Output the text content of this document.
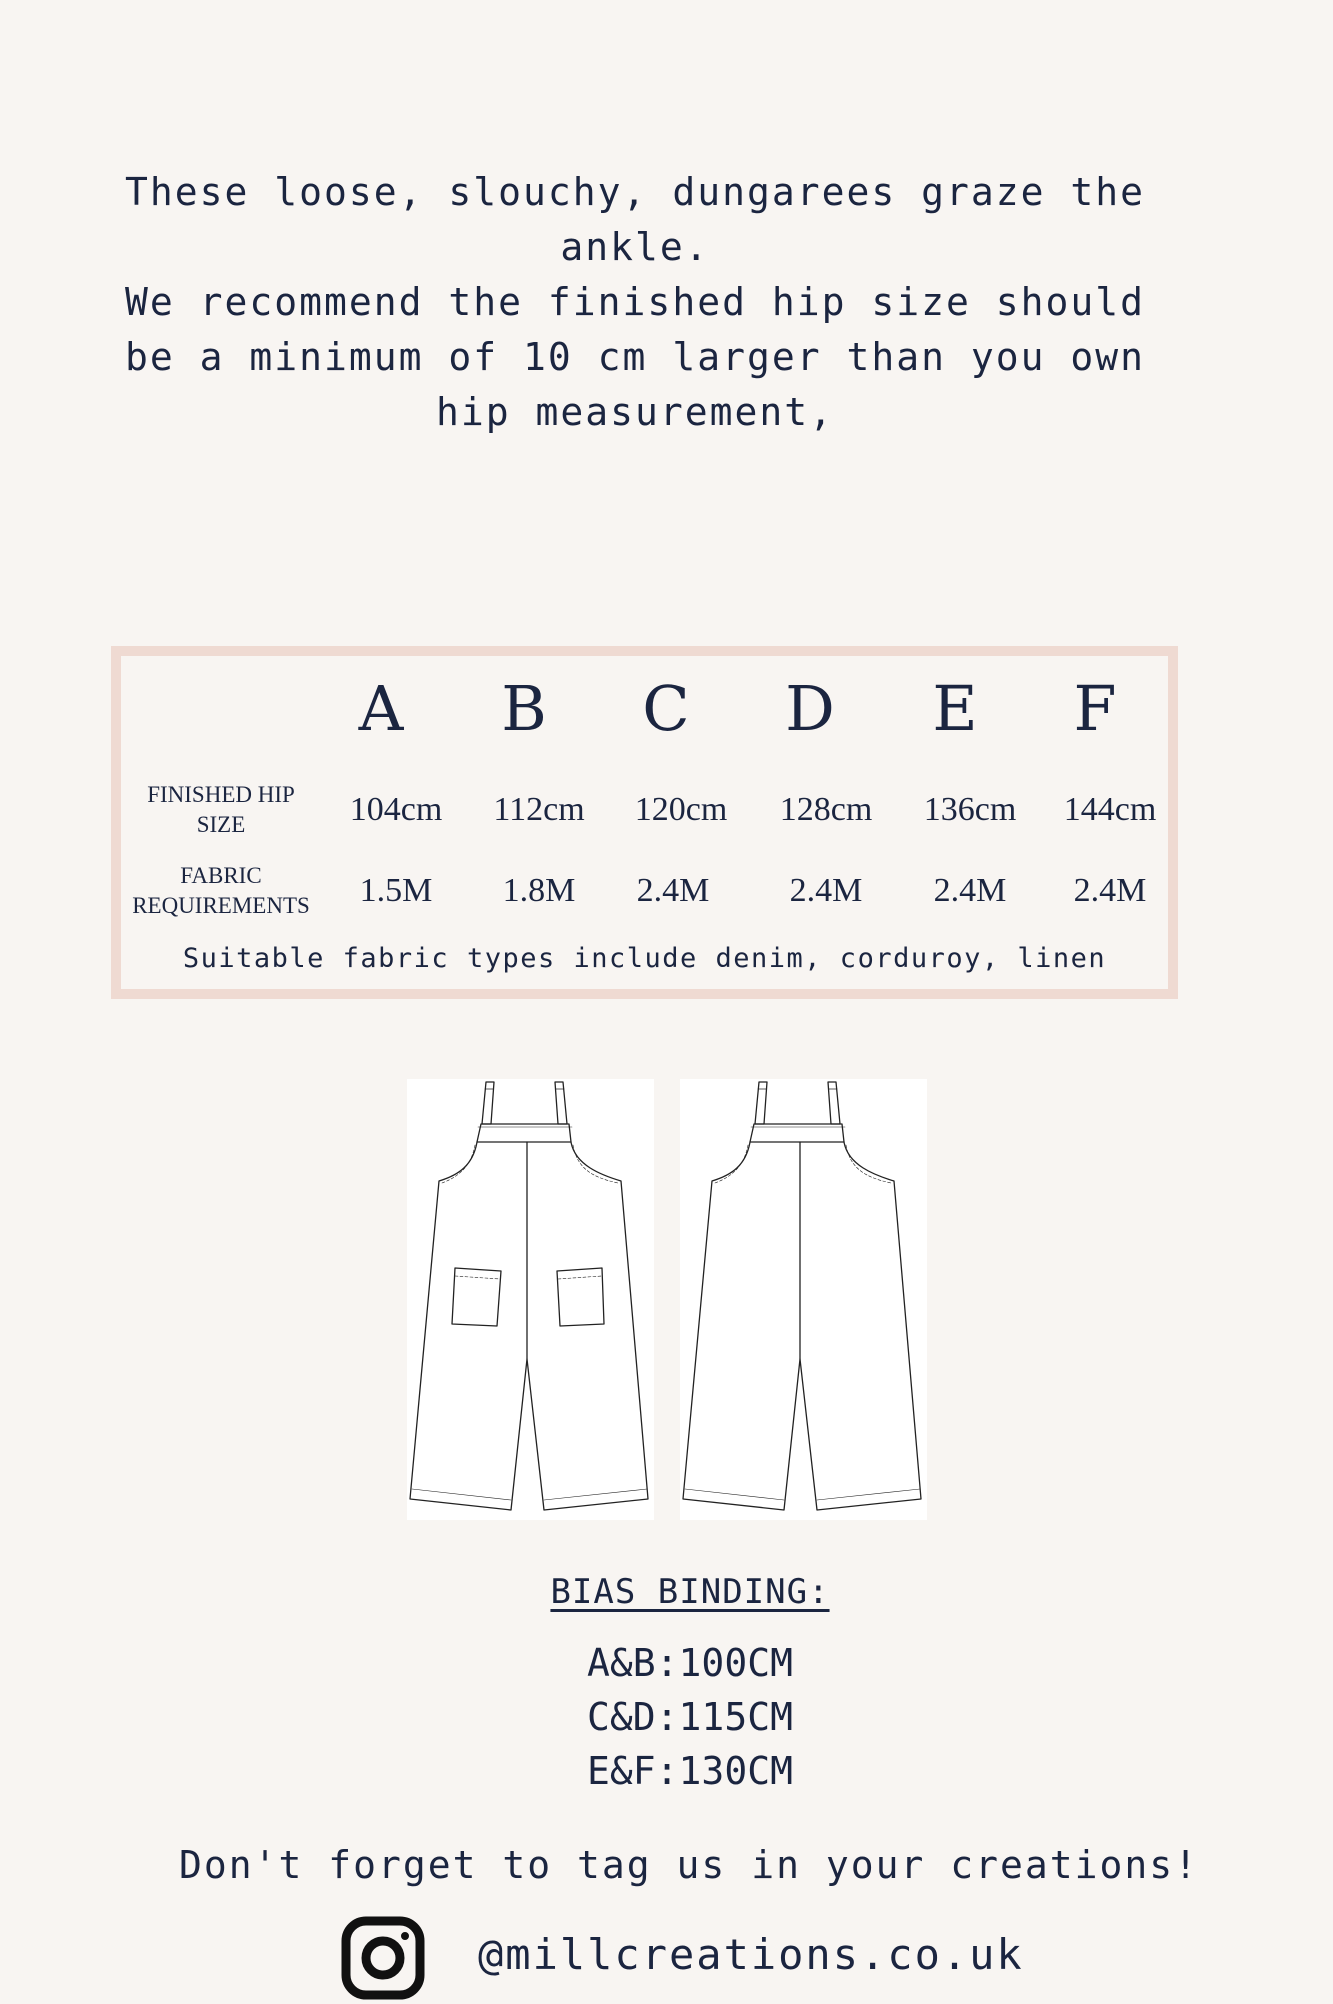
These loose, slouchy, dungarees graze the ankle.

We recommend the finished hip size should be a minimum of 10 cm larger than you own hip measurement,

A B C D E F
FINISHED HIP SIZE	104cm 112cm 120cm 128cm 136cm 144cm
FABRIC REQUIREMENTS	1.5M 1.8M 2.4M 2.4M 2.4M 2.4M
Suitable fabric types include denim, corduroy, linen
BIAS BINDING:
A&B:100CM
C&D:115CM
E&F:130CM
Don't forget to tag us in your creations!
@millcreations.co.uk
